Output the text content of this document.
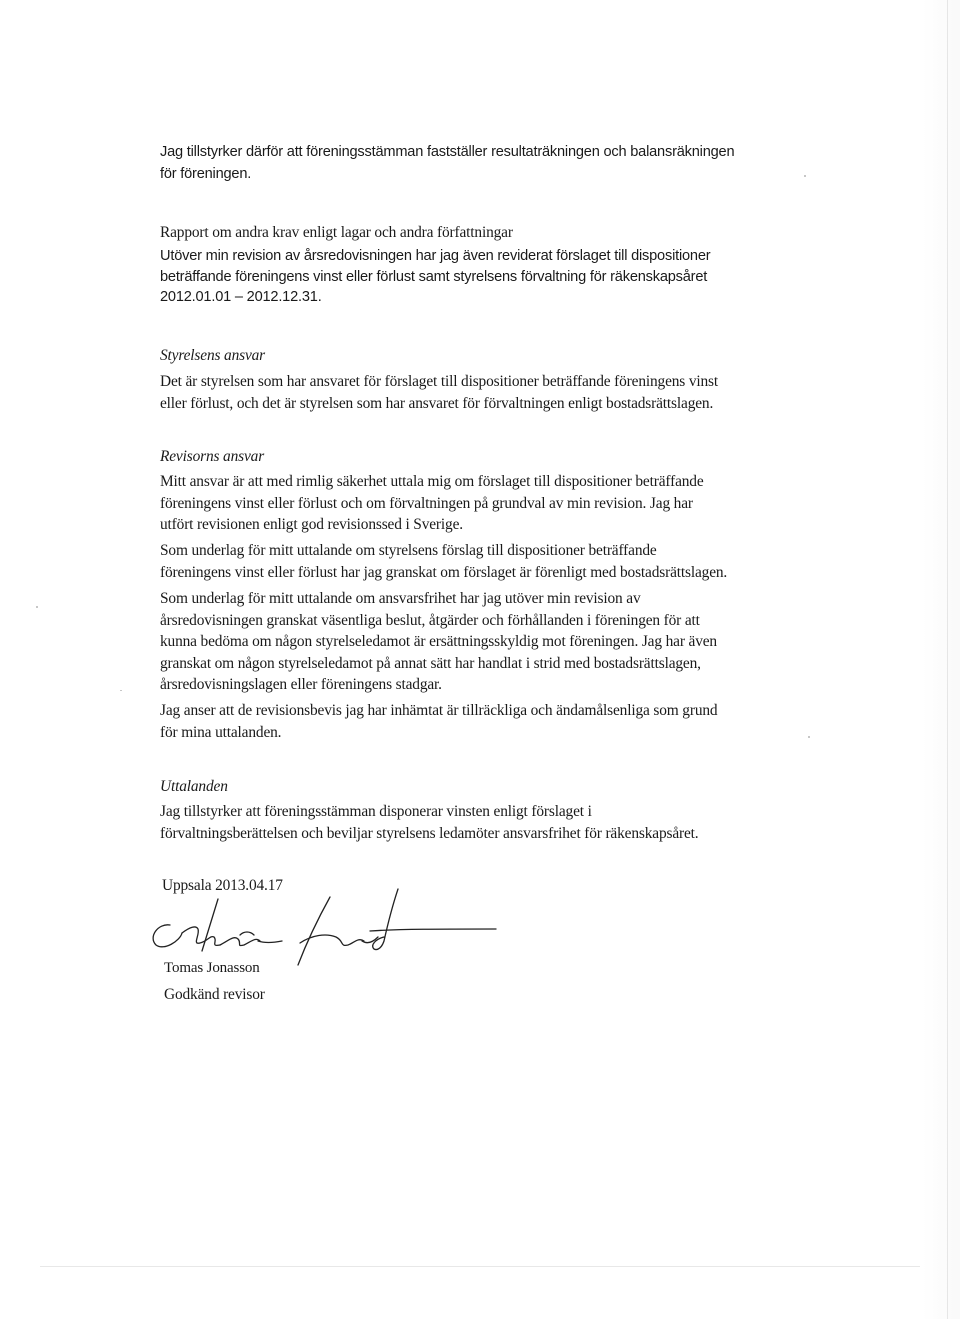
Jag tillstyrker därför att föreningsstämman fastställer resultaträkningen och balansräkningen
för föreningen.

Rapport om andra krav enligt lagar och andra författningar

Utöver min revision av årsredovisningen har jag även reviderat förslaget till dispositioner
beträffande föreningens vinst eller förlust samt styrelsens förvaltning för räkenskapsåret
2012.01.01 – 2012.12.31.

Styrelsens ansvar

Det är styrelsen som har ansvaret för förslaget till dispositioner beträffande föreningens vinst
eller förlust, och det är styrelsen som har ansvaret för förvaltningen enligt bostadsrättslagen.

Revisorns ansvar

Mitt ansvar är att med rimlig säkerhet uttala mig om förslaget till dispositioner beträffande
föreningens vinst eller förlust och om förvaltningen på grundval av min revision. Jag har
utfört revisionen enligt god revisionssed i Sverige.

Som underlag för mitt uttalande om styrelsens förslag till dispositioner beträffande
föreningens vinst eller förlust har jag granskat om förslaget är förenligt med bostadsrättslagen.

Som underlag för mitt uttalande om ansvarsfrihet har jag utöver min revision av
årsredovisningen granskat väsentliga beslut, åtgärder och förhållanden i föreningen för att
kunna bedöma om någon styrelseledamot är ersättningsskyldig mot föreningen. Jag har även
granskat om någon styrelseledamot på annat sätt har handlat i strid med bostadsrättslagen,
årsredovisningslagen eller föreningens stadgar.

Jag anser att de revisionsbevis jag har inhämtat är tillräckliga och ändamålsenliga som grund
för mina uttalanden.

Uttalanden

Jag tillstyrker att föreningsstämman disponerar vinsten enligt förslaget i
förvaltningsberättelsen och beviljar styrelsens ledamöter ansvarsfrihet för räkenskapsåret.

Uppsala 2013.04.17

Tomas Jonasson

Godkänd revisor
